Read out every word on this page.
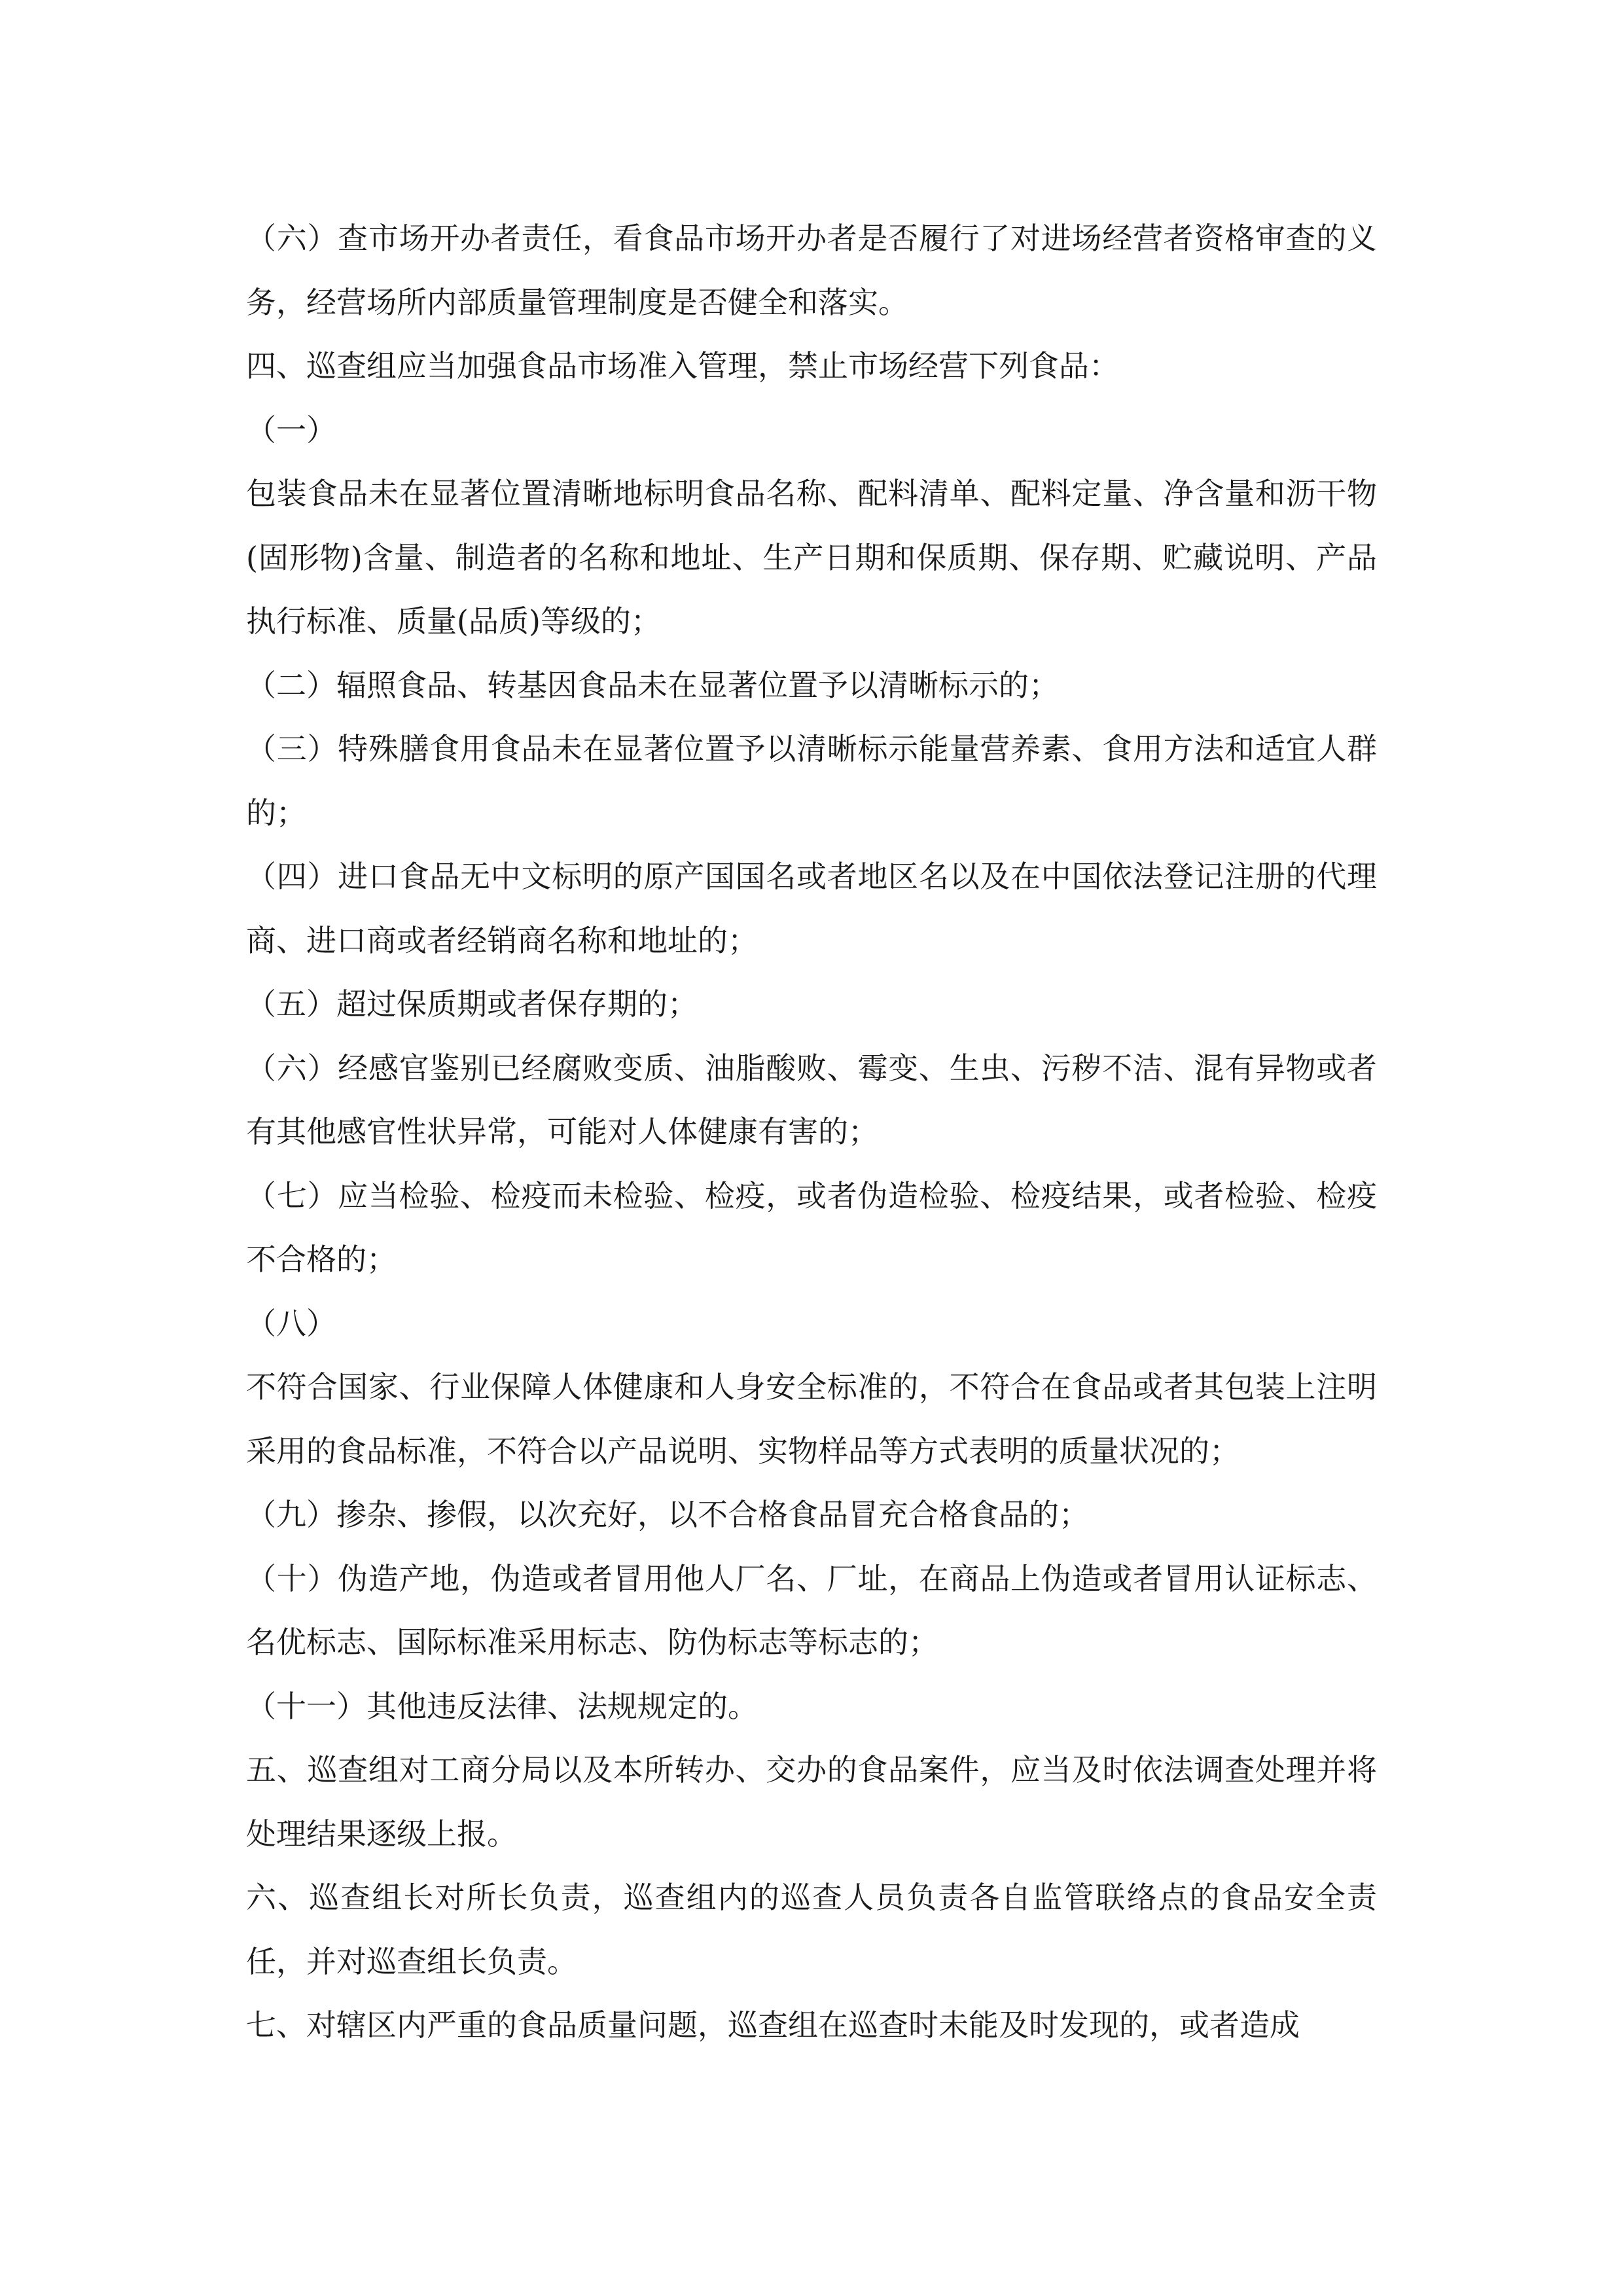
（六）查市场开办者责任，看食品市场开办者是否履行了对进场经营者资格审查的义务，经营场所内部质量管理制度是否健全和落实。

四、巡查组应当加强食品市场准入管理，禁止市场经营下列食品：

（一）

包装食品未在显著位置清晰地标明食品名称、配料清单、配料定量、净含量和沥干物(固形物)含量、制造者的名称和地址、生产日期和保质期、保存期、贮藏说明、产品执行标准、质量(品质)等级的；

（二）辐照食品、转基因食品未在显著位置予以清晰标示的；

（三）特殊膳食用食品未在显著位置予以清晰标示能量营养素、食用方法和适宜人群的；

（四）进口食品无中文标明的原产国国名或者地区名以及在中国依法登记注册的代理商、进口商或者经销商名称和地址的；

（五）超过保质期或者保存期的；

（六）经感官鉴别已经腐败变质、油脂酸败、霉变、生虫、污秽不洁、混有异物或者有其他感官性状异常，可能对人体健康有害的；

（七）应当检验、检疫而未检验、检疫，或者伪造检验、检疫结果，或者检验、检疫不合格的；

（八）

不符合国家、行业保障人体健康和人身安全标准的，不符合在食品或者其包装上注明采用的食品标准，不符合以产品说明、实物样品等方式表明的质量状况的；

（九）掺杂、掺假，以次充好，以不合格食品冒充合格食品的；

（十）伪造产地，伪造或者冒用他人厂名、厂址，在商品上伪造或者冒用认证标志、名优标志、国际标准采用标志、防伪标志等标志的；

（十一）其他违反法律、法规规定的。

五、巡查组对工商分局以及本所转办、交办的食品案件，应当及时依法调查处理并将处理结果逐级上报。

六、巡查组长对所长负责，巡查组内的巡查人员负责各自监管联络点的食品安全责任，并对巡查组长负责。

七、对辖区内严重的食品质量问题，巡查组在巡查时未能及时发现的，或者造成
